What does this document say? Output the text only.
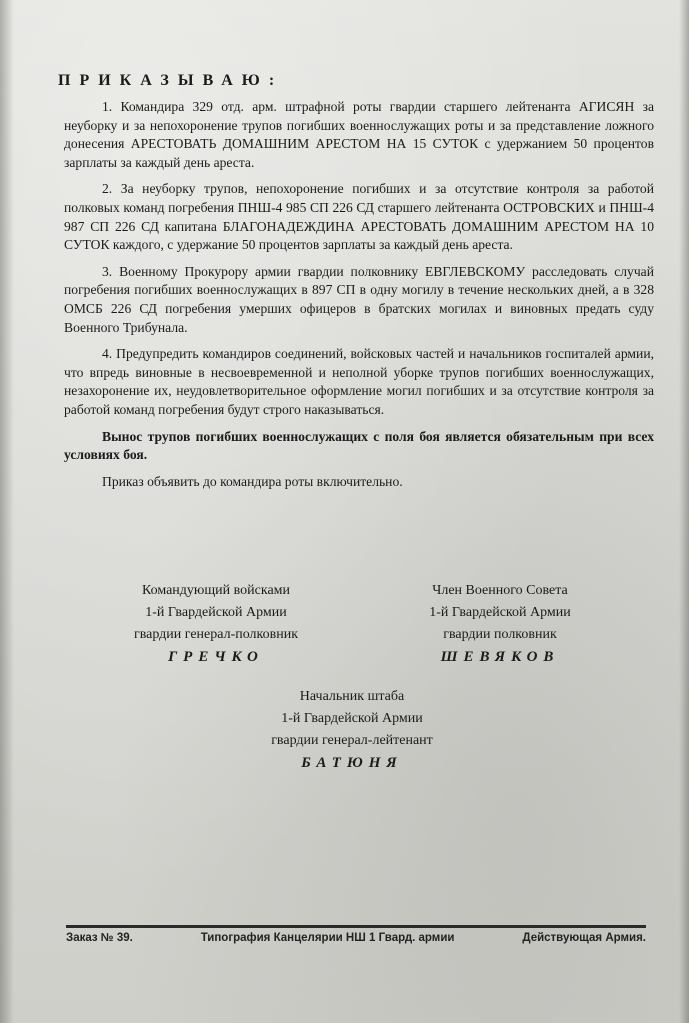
ПРИКАЗЫВАЮ:

1. Командира 329 отд. арм. штрафной роты гвардии старшего лейтенанта АГИСЯН за неуборку и за непохоронение трупов погибших военнослужащих роты и за представление ложного донесения АРЕСТОВАТЬ ДОМАШНИМ АРЕСТОМ НА 15 СУТОК с удержанием 50 процентов зарплаты за каждый день ареста.

2. За неуборку трупов, непохоронение погибших и за отсутствие контроля за работой полковых команд погребения ПНШ-4 985 СП 226 СД старшего лейтенанта ОСТРОВСКИХ и ПНШ-4 987 СП 226 СД капитана БЛАГОНАДЕЖДИНА АРЕСТОВАТЬ ДОМАШНИМ АРЕСТОМ НА 10 СУТОК каждого, с удержание 50 процентов зарплаты за каждый день ареста.

3. Военному Прокурору армии гвардии полковнику ЕВГЛЕВСКОМУ расследовать случай погребения погибших военнослужащих в 897 СП в одну могилу в течение нескольких дней, а в 328 ОМСБ 226 СД погребения умерших офицеров в братских могилах и виновных предать суду Военного Трибунала.

4. Предупредить командиров соединений, войсковых частей и начальников госпиталей армии, что впредь виновные в несвоевременной и неполной уборке трупов погибших военнослужащих, незахоронение их, неудовлетворительное оформление могил погибших и за отсутствие контроля за работой команд погребения будут строго наказываться.

Вынос трупов погибших военнослужащих с поля боя является обязательным при всех условиях боя.

Приказ объявить до командира роты включительно.

Командующий войсками
1-й Гвардейской Армии
гвардии генерал-полковник
ГРЕЧКО
Член Военного Совета
1-й Гвардейской Армии
гвардии полковник
ШЕВЯКОВ
Начальник штаба
1-й Гвардейской Армии
гвардии генерал-лейтенант
БАТЮНЯ
Заказ № 39.	Типография Канцелярии НШ 1 Гвард. армии	Действующая Армия.
